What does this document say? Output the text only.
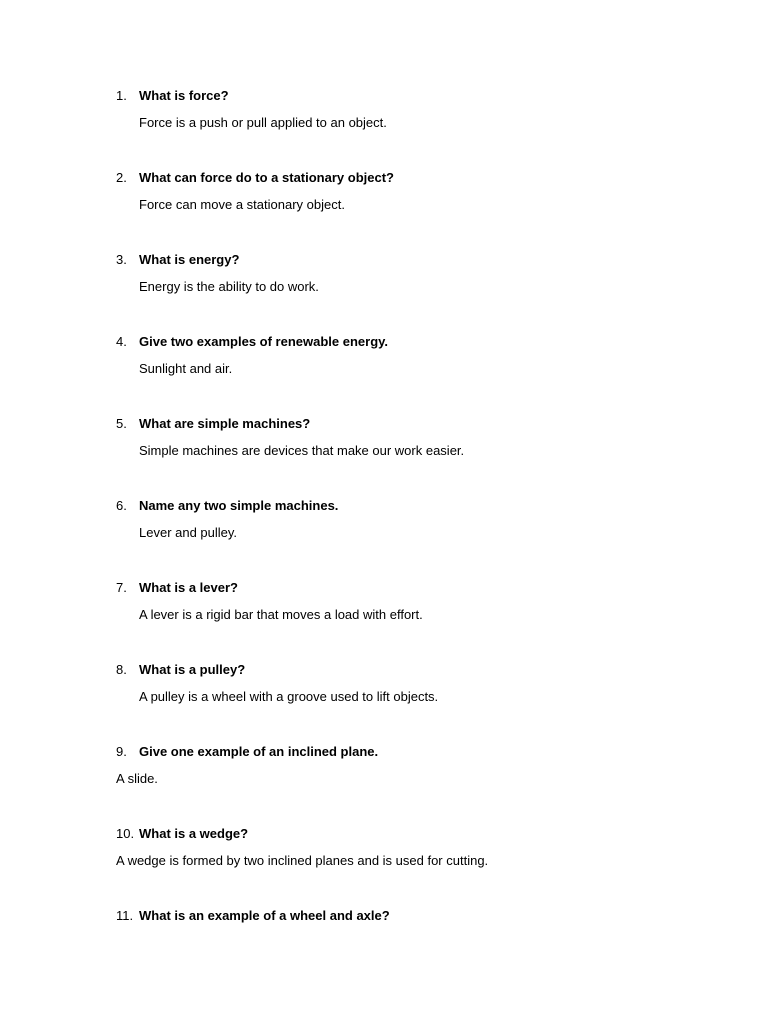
1. What is force?
Force is a push or pull applied to an object.
2. What can force do to a stationary object?
Force can move a stationary object.
3. What is energy?
Energy is the ability to do work.
4. Give two examples of renewable energy.
Sunlight and air.
5. What are simple machines?
Simple machines are devices that make our work easier.
6. Name any two simple machines.
Lever and pulley.
7. What is a lever?
A lever is a rigid bar that moves a load with effort.
8. What is a pulley?
A pulley is a wheel with a groove used to lift objects.
9. Give one example of an inclined plane.
A slide.
10. What is a wedge?
A wedge is formed by two inclined planes and is used for cutting.
11. What is an example of a wheel and axle?
